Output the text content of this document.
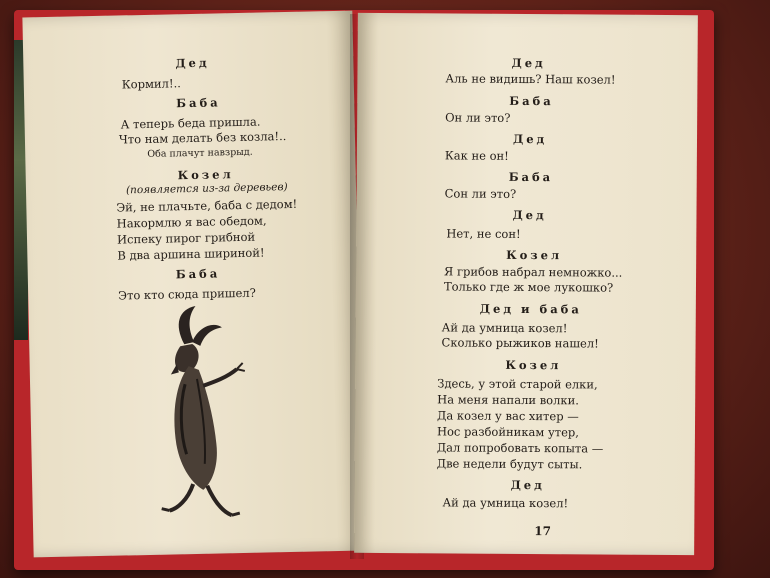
Дед
Кормил!..
Баба
А теперь беда пришла.
Что нам делать без козла!..
Оба плачут навзрыд.
Козел
(появляется из-за деревьев)
Эй, не плачьте, баба с дедом!
Накормлю я вас обедом,
Испеку пирог грибной
В два аршина шириной!
Баба
Это кто сюда пришел?
Дед
Аль не видишь? Наш козел!
Баба
Он ли это?
Дед
Как не он!
Баба
Сон ли это?
Дед
Нет, не сон!
Козел
Я грибов набрал немножко...
Только где ж мое лукошко?
Дед и баба
Ай да умница козел!
Сколько рыжиков нашел!
Козел
Здесь, у этой старой елки,
На меня напали волки.
Да козел у вас хитер —
Нос разбойникам утер,
Дал попробовать копыта —
Две недели будут сыты.
Дед
Ай да умница козел!
17
